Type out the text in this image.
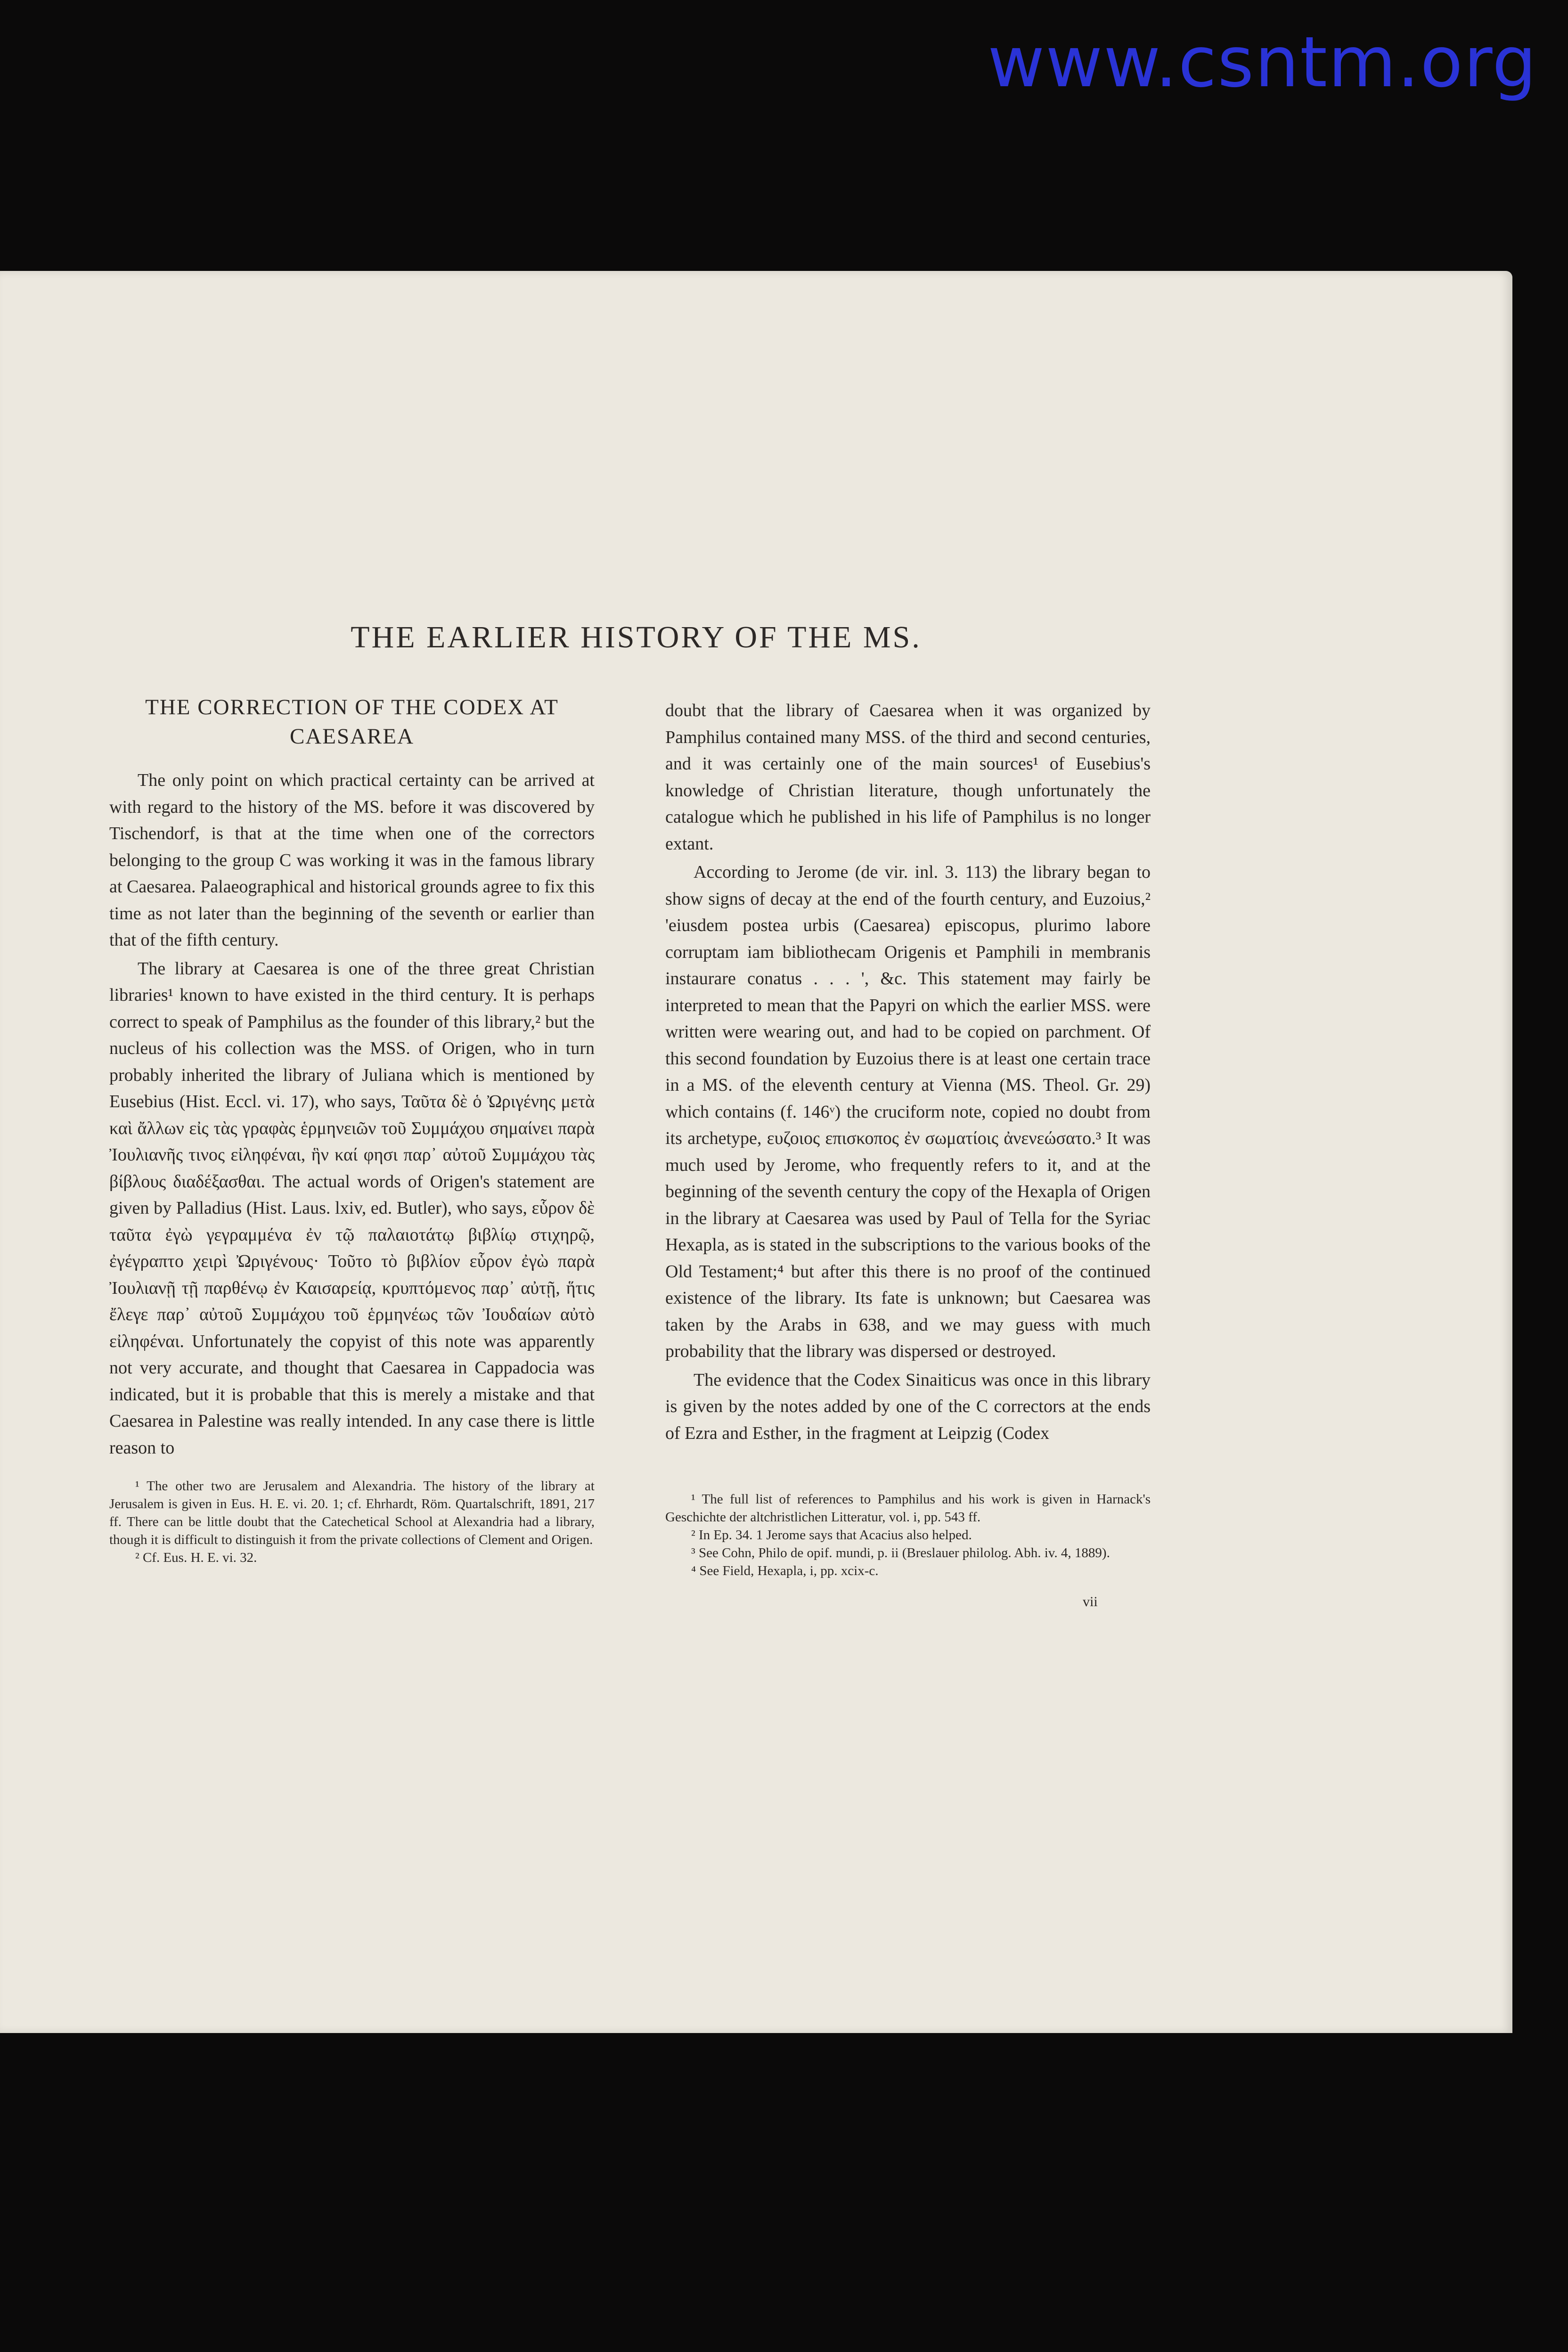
www.csntm.org
THE EARLIER HISTORY OF THE MS.
THE CORRECTION OF THE CODEX AT CAESAREA

The only point on which practical certainty can be arrived at with regard to the history of the MS. before it was discovered by Tischendorf, is that at the time when one of the correctors belonging to the group C was working it was in the famous library at Caesarea. Palaeographical and historical grounds agree to fix this time as not later than the beginning of the seventh or earlier than that of the fifth century.

The library at Caesarea is one of the three great Christian libraries¹ known to have existed in the third century. It is perhaps correct to speak of Pamphilus as the founder of this library,² but the nucleus of his collection was the MSS. of Origen, who in turn probably inherited the library of Juliana which is mentioned by Eusebius (Hist. Eccl. vi. 17), who says, Ταῦτα δὲ ὁ Ὠριγένης μετὰ καὶ ἄλλων εἰς τὰς γραφὰς ἑρμηνειῶν τοῦ Συμμάχου σημαίνει παρὰ Ἰουλιανῆς τινος εἰληφέναι, ἣν καί φησι παρ᾽ αὐτοῦ Συμμάχου τὰς βίβλους διαδέξασθαι. The actual words of Origen's statement are given by Palladius (Hist. Laus. lxiv, ed. Butler), who says, εὗρον δὲ ταῦτα ἐγὼ γεγραμμένα ἐν τῷ παλαιοτάτῳ βιβλίῳ στιχηρῷ, ἐγέγραπτο χειρὶ Ὠριγένους· Τοῦτο τὸ βιβλίον εὗρον ἐγὼ παρὰ Ἰουλιανῇ τῇ παρθένῳ ἐν Καισαρείᾳ, κρυπτόμενος παρ᾽ αὐτῇ, ἥτις ἔλεγε παρ᾽ αὐτοῦ Συμμάχου τοῦ ἑρμηνέως τῶν Ἰουδαίων αὐτὸ εἰληφέναι. Unfortunately the copyist of this note was apparently not very accurate, and thought that Caesarea in Cappadocia was indicated, but it is probable that this is merely a mistake and that Caesarea in Palestine was really intended. In any case there is little reason to

¹ The other two are Jerusalem and Alexandria. The history of the library at Jerusalem is given in Eus. H. E. vi. 20. 1; cf. Ehrhardt, Röm. Quartalschrift, 1891, 217 ff. There can be little doubt that the Catechetical School at Alexandria had a library, though it is difficult to distinguish it from the private collections of Clement and Origen.

² Cf. Eus. H. E. vi. 32.

doubt that the library of Caesarea when it was organized by Pamphilus contained many MSS. of the third and second centuries, and it was certainly one of the main sources¹ of Eusebius's knowledge of Christian literature, though unfortunately the catalogue which he published in his life of Pamphilus is no longer extant.

According to Jerome (de vir. inl. 3. 113) the library began to show signs of decay at the end of the fourth century, and Euzoius,² 'eiusdem postea urbis (Caesarea) episcopus, plurimo labore corruptam iam bibliothecam Origenis et Pamphili in membranis instaurare conatus . . . ', &c. This statement may fairly be interpreted to mean that the Papyri on which the earlier MSS. were written were wearing out, and had to be copied on parchment. Of this second foundation by Euzoius there is at least one certain trace in a MS. of the eleventh century at Vienna (MS. Theol. Gr. 29) which contains (f. 146ᵛ) the cruciform note, copied no doubt from its archetype, ευζοιος επισκοπος ἐν σωματίοις ἀνενεώσατο.³ It was much used by Jerome, who frequently refers to it, and at the beginning of the seventh century the copy of the Hexapla of Origen in the library at Caesarea was used by Paul of Tella for the Syriac Hexapla, as is stated in the subscriptions to the various books of the Old Testament;⁴ but after this there is no proof of the continued existence of the library. Its fate is unknown; but Caesarea was taken by the Arabs in 638, and we may guess with much probability that the library was dispersed or destroyed.

The evidence that the Codex Sinaiticus was once in this library is given by the notes added by one of the C correctors at the ends of Ezra and Esther, in the fragment at Leipzig (Codex

¹ The full list of references to Pamphilus and his work is given in Harnack's Geschichte der altchristlichen Litteratur, vol. i, pp. 543 ff.

² In Ep. 34. 1 Jerome says that Acacius also helped.

³ See Cohn, Philo de opif. mundi, p. ii (Breslauer philolog. Abh. iv. 4, 1889).

⁴ See Field, Hexapla, i, pp. xcix-c.

vii
